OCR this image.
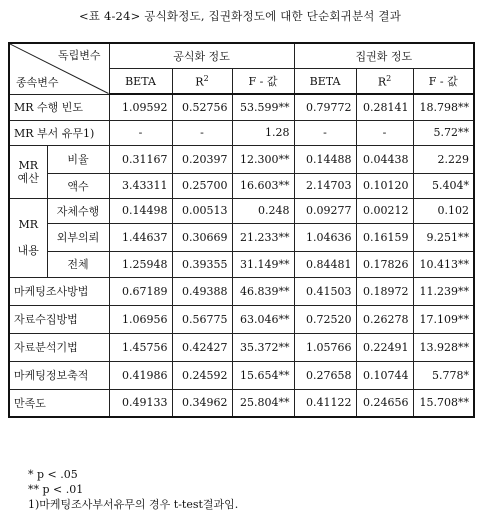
<표 4-24> 공식화정도, 집권화정도에 대한 단순회귀분석 결과
독립변수
종속변수		공식화 정도			집권화 정도		
		BETA	$R^2$	F - 값	BETA	$R^2$	F - 값
MR 수행 빈도		1.09592	0.52756	53.599**	0.79772	0.28141	18.798**
MR 부서 유무1)		-	-	1.28	-	-	5.72**
MR
예산	비율	0.31167	0.20397	12.300**	0.14488	0.04438	2.229
	액수	3.43311	0.25700	16.603**	2.14703	0.10120	5.404*
MR

내용	자체수행	0.14498	0.00513	0.248	0.09277	0.00212	0.102
	외부의뢰	1.44637	0.30669	21.233**	1.04636	0.16159	9.251**
	전체	1.25948	0.39355	31.149**	0.84481	0.17826	10.413**
마케팅조사방법		0.67189	0.49388	46.839**	0.41503	0.18972	11.239**
자료수집방법		1.06956	0.56775	63.046**	0.72520	0.26278	17.109**
자료분석기법		1.45756	0.42427	35.372**	1.05766	0.22491	13.928**
마케팅정보축적		0.41986	0.24592	15.654**	0.27658	0.10744	5.778*
만족도		0.49133	0.34962	25.804**	0.41122	0.24656	15.708**
* p < .05
** p < .01
1)마케팅조사부서유무의 경우 t-test결과임.
